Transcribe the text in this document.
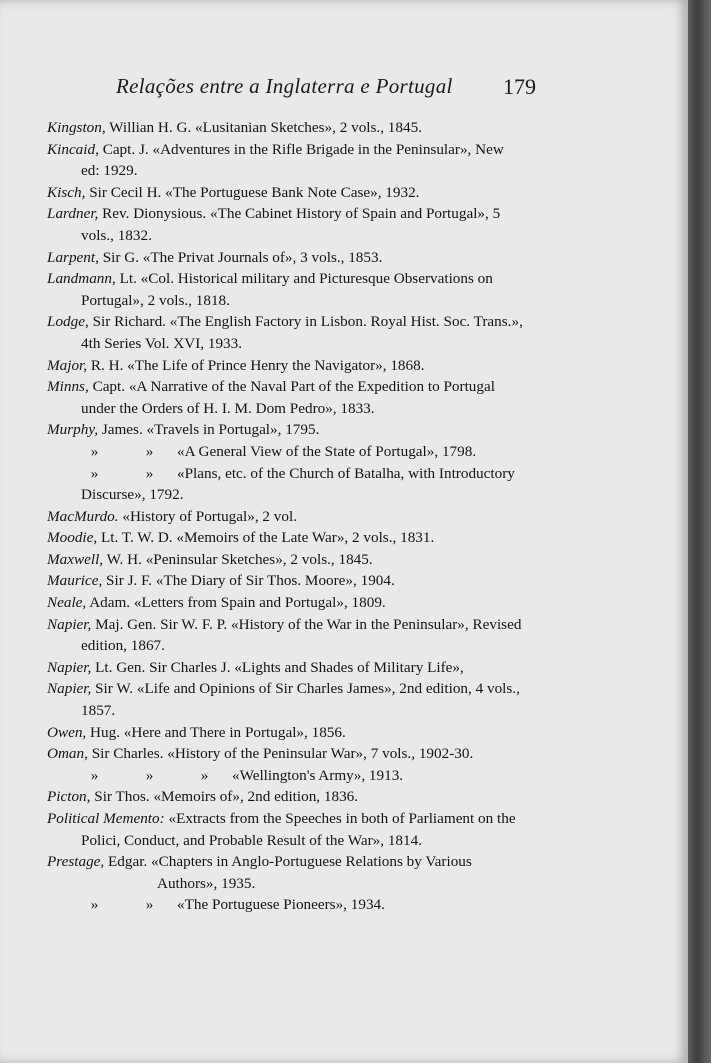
Relações entre a Inglaterra e Portugal 179
Kingston, Willian H. G. «Lusitanian Sketches», 2 vols., 1845.
Kincaid, Capt. J. «Adventures in the Rifle Brigade in the Peninsular», New ed: 1929.
Kisch, Sir Cecil H. «The Portuguese Bank Note Case», 1932.
Lardner, Rev. Dionysious. «The Cabinet History of Spain and Portugal», 5 vols., 1832.
Larpent, Sir G. «The Privat Journals of», 3 vols., 1853.
Landmann, Lt. «Col. Historical military and Picturesque Observations on Portugal», 2 vols., 1818.
Lodge, Sir Richard. «The English Factory in Lisbon. Royal Hist. Soc. Trans.», 4th Series Vol. XVI, 1933.
Major, R. H. «The Life of Prince Henry the Navigator», 1868.
Minns, Capt. «A Narrative of the Naval Part of the Expedition to Portugal under the Orders of H. I. M. Dom Pedro», 1833.
Murphy, James. «Travels in Portugal», 1795.
»	» «A General View of the State of Portugal», 1798.
»	» «Plans, etc. of the Church of Batalha, with Introductory Discurse», 1792.
MacMurdo. «History of Portugal», 2 vol.
Moodie, Lt. T. W. D. «Memoirs of the Late War», 2 vols., 1831.
Maxwell, W. H. «Peninsular Sketches», 2 vols., 1845.
Maurice, Sir J. F. «The Diary of Sir Thos. Moore», 1904.
Neale, Adam. «Letters from Spain and Portugal», 1809.
Napier, Maj. Gen. Sir W. F. P. «History of the War in the Peninsular», Revised edition, 1867.
Napier, Lt. Gen. Sir Charles J. «Lights and Shades of Military Life»,
Napier, Sir W. «Life and Opinions of Sir Charles James», 2nd edition, 4 vols., 1857.
Owen, Hug. «Here and There in Portugal», 1856.
Oman, Sir Charles. «History of the Peninsular War», 7 vols., 1902-30.
»	»	» «Wellington's Army», 1913.
Picton, Sir Thos. «Memoirs of», 2nd edition, 1836.
Political Memento: «Extracts from the Speeches in both of Parliament on the Polici, Conduct, and Probable Result of the War», 1814.
Prestage, Edgar. «Chapters in Anglo-Portuguese Relations by Various
Authors», 1935.
»	» «The Portuguese Pioneers», 1934.
